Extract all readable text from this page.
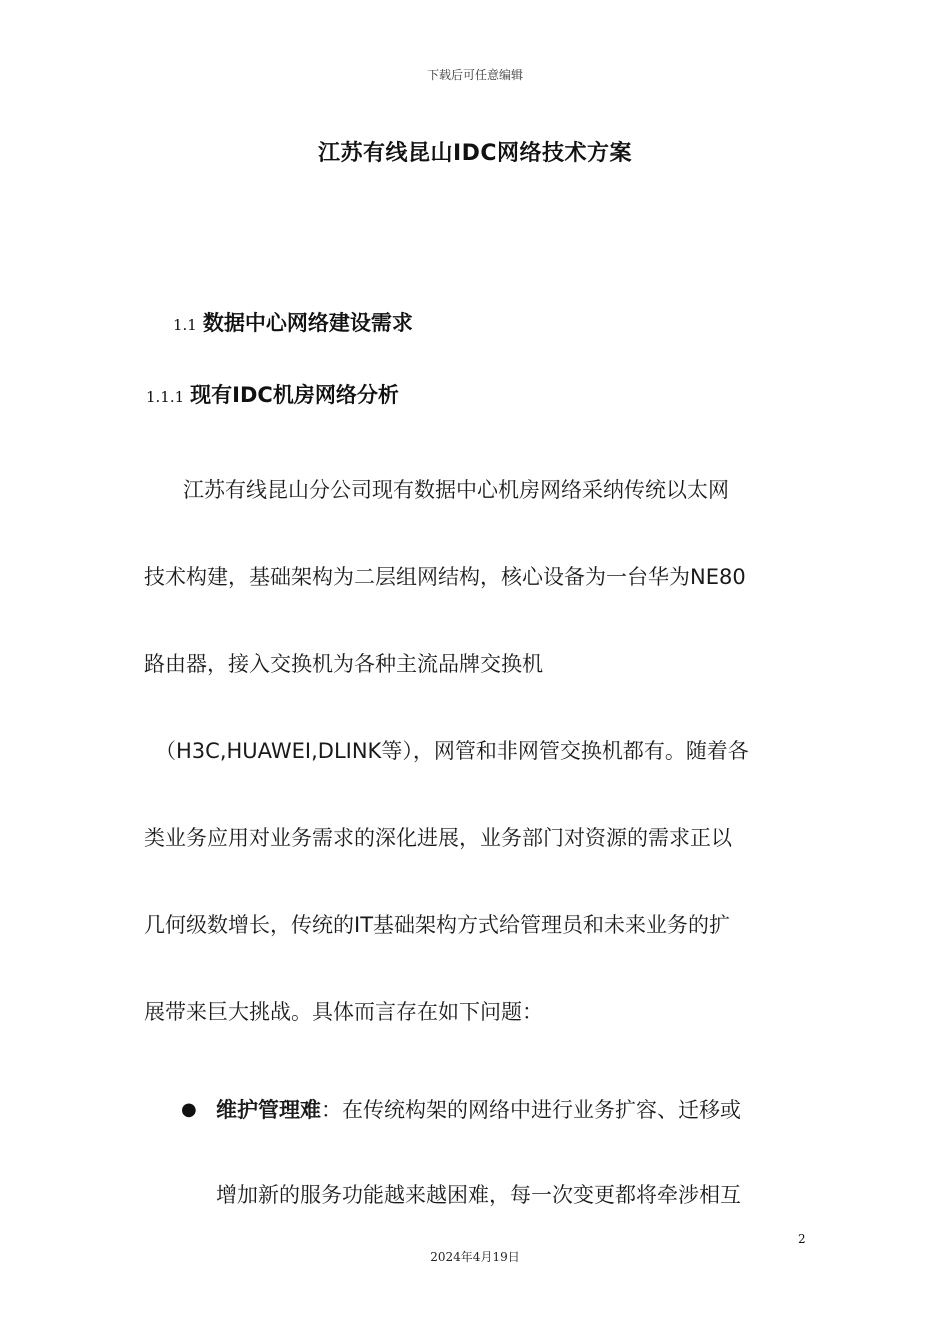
下载后可任意编辑
江苏有线昆山IDC网络技术方案
1.1 数据中心网络建设需求
1.1.1 现有IDC机房网络分析
江苏有线昆山分公司现有数据中心机房网络采纳传统以太网
技术构建，基础架构为二层组网结构，核心设备为一台华为NE80
路由器，接入交换机为各种主流品牌交换机
（H3C,HUAWEI,DLINK等），网管和非网管交换机都有。随着各
类业务应用对业务需求的深化进展，业务部门对资源的需求正以
几何级数增长，传统的IT基础架构方式给管理员和未来业务的扩
展带来巨大挑战。具体而言存在如下问题：
● 维护管理难：在传统构架的网络中进行业务扩容、迁移或
增加新的服务功能越来越困难，每一次变更都将牵涉相互
2
2024年4月19日
